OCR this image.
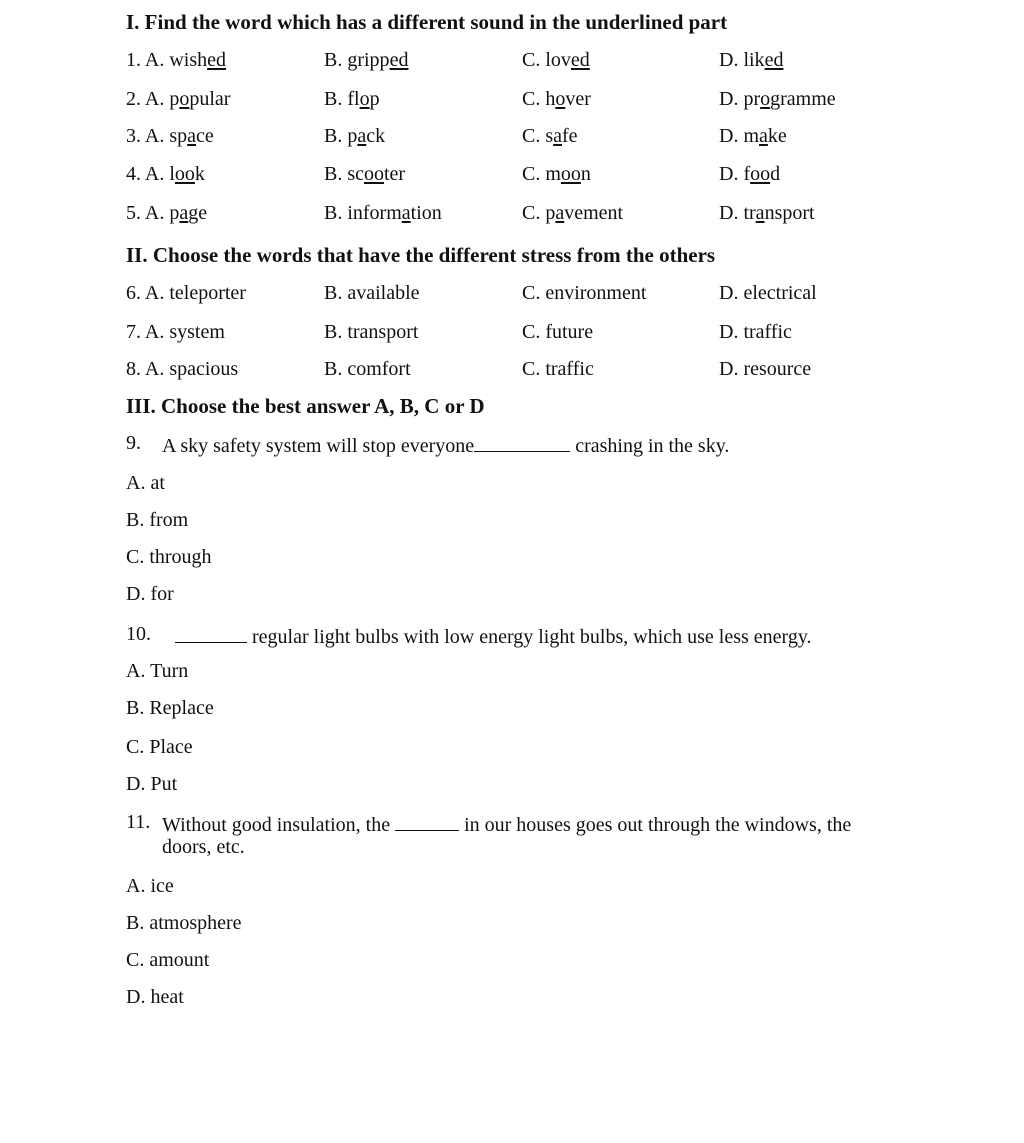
I. Find the word which has a different sound in the underlined part
1. A. wished	B. gripped	C. loved	D. liked
2. A. popular	B. flop	C. hover	D. programme
3. A. space	B. pack	C. safe	D. make
4. A. look	B. scooter	C. moon	D. food
5. A. page	B. information	C. pavement	D. transport
II. Choose the words that have the different stress from the others
6. A. teleporter	B. available	C. environment	D. electrical
7. A. system	B. transport	C. future	D. traffic
8. A. spacious	B. comfort	C. traffic	D. resource
III. Choose the best answer A, B, C or D
9. A sky safety system will stop everyone	crashing in the sky.
A. at
B. from
C. through
D. for
10.	regular light bulbs with low energy light bulbs, which use less energy.
A. Turn
B. Replace
C. Place
D. Put
11. Without good insulation, the	in our houses goes out through the windows, the
doors, etc.
A. ice
B. atmosphere
C. amount
D. heat
